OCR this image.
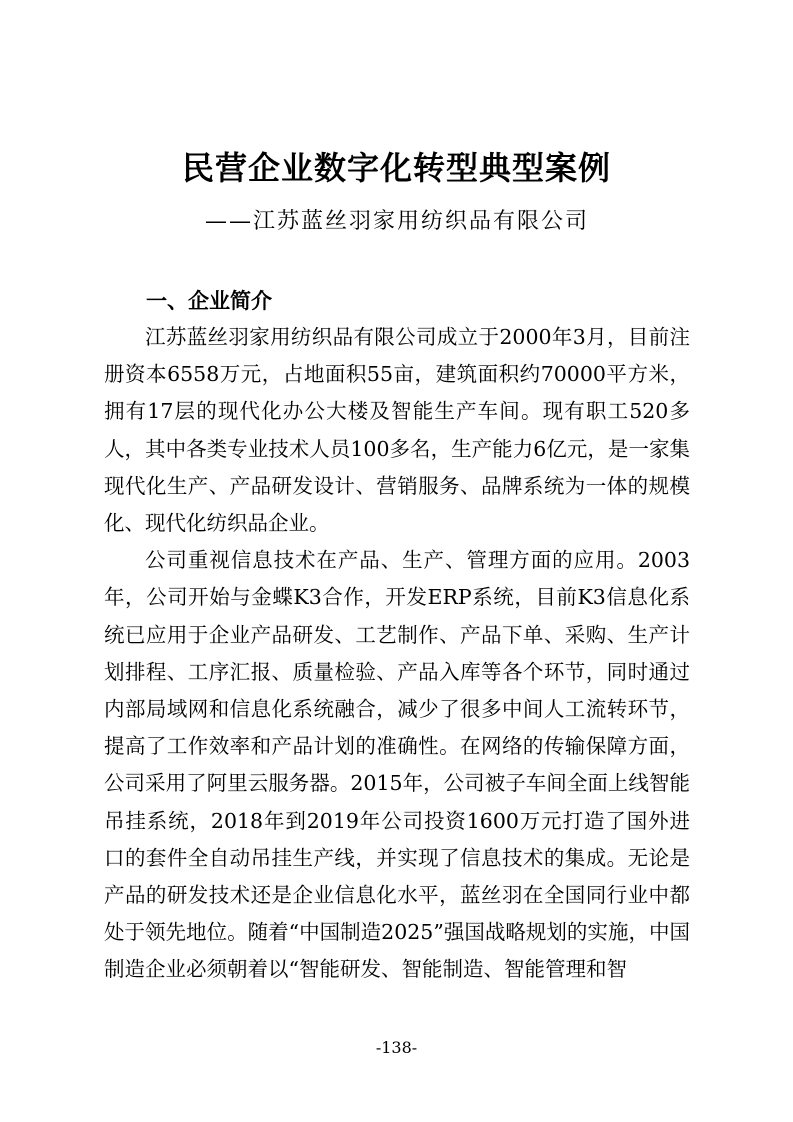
民营企业数字化转型典型案例
——江苏蓝丝羽家用纺织品有限公司
一、企业简介

江苏蓝丝羽家用纺织品有限公司成立于2000年3月，目前注册资本6558万元，占地面积55亩，建筑面积约70000平方米，拥有17层的现代化办公大楼及智能生产车间。现有职工520多人，其中各类专业技术人员100多名，生产能力6亿元，是一家集现代化生产、产品研发设计、营销服务、品牌系统为一体的规模化、现代化纺织品企业。

公司重视信息技术在产品、生产、管理方面的应用。2003年，公司开始与金蝶K3合作，开发ERP系统，目前K3信息化系统已应用于企业产品研发、工艺制作、产品下单、采购、生产计划排程、工序汇报、质量检验、产品入库等各个环节，同时通过内部局域网和信息化系统融合，减少了很多中间人工流转环节，提高了工作效率和产品计划的准确性。在网络的传输保障方面，公司采用了阿里云服务器。2015年，公司被子车间全面上线智能吊挂系统，2018年到2019年公司投资1600万元打造了国外进口的套件全自动吊挂生产线，并实现了信息技术的集成。无论是产品的研发技术还是企业信息化水平，蓝丝羽在全国同行业中都处于领先地位。随着“中国制造2025”强国战略规划的实施，中国制造企业必须朝着以“智能研发、智能制造、智能管理和智

-138-
